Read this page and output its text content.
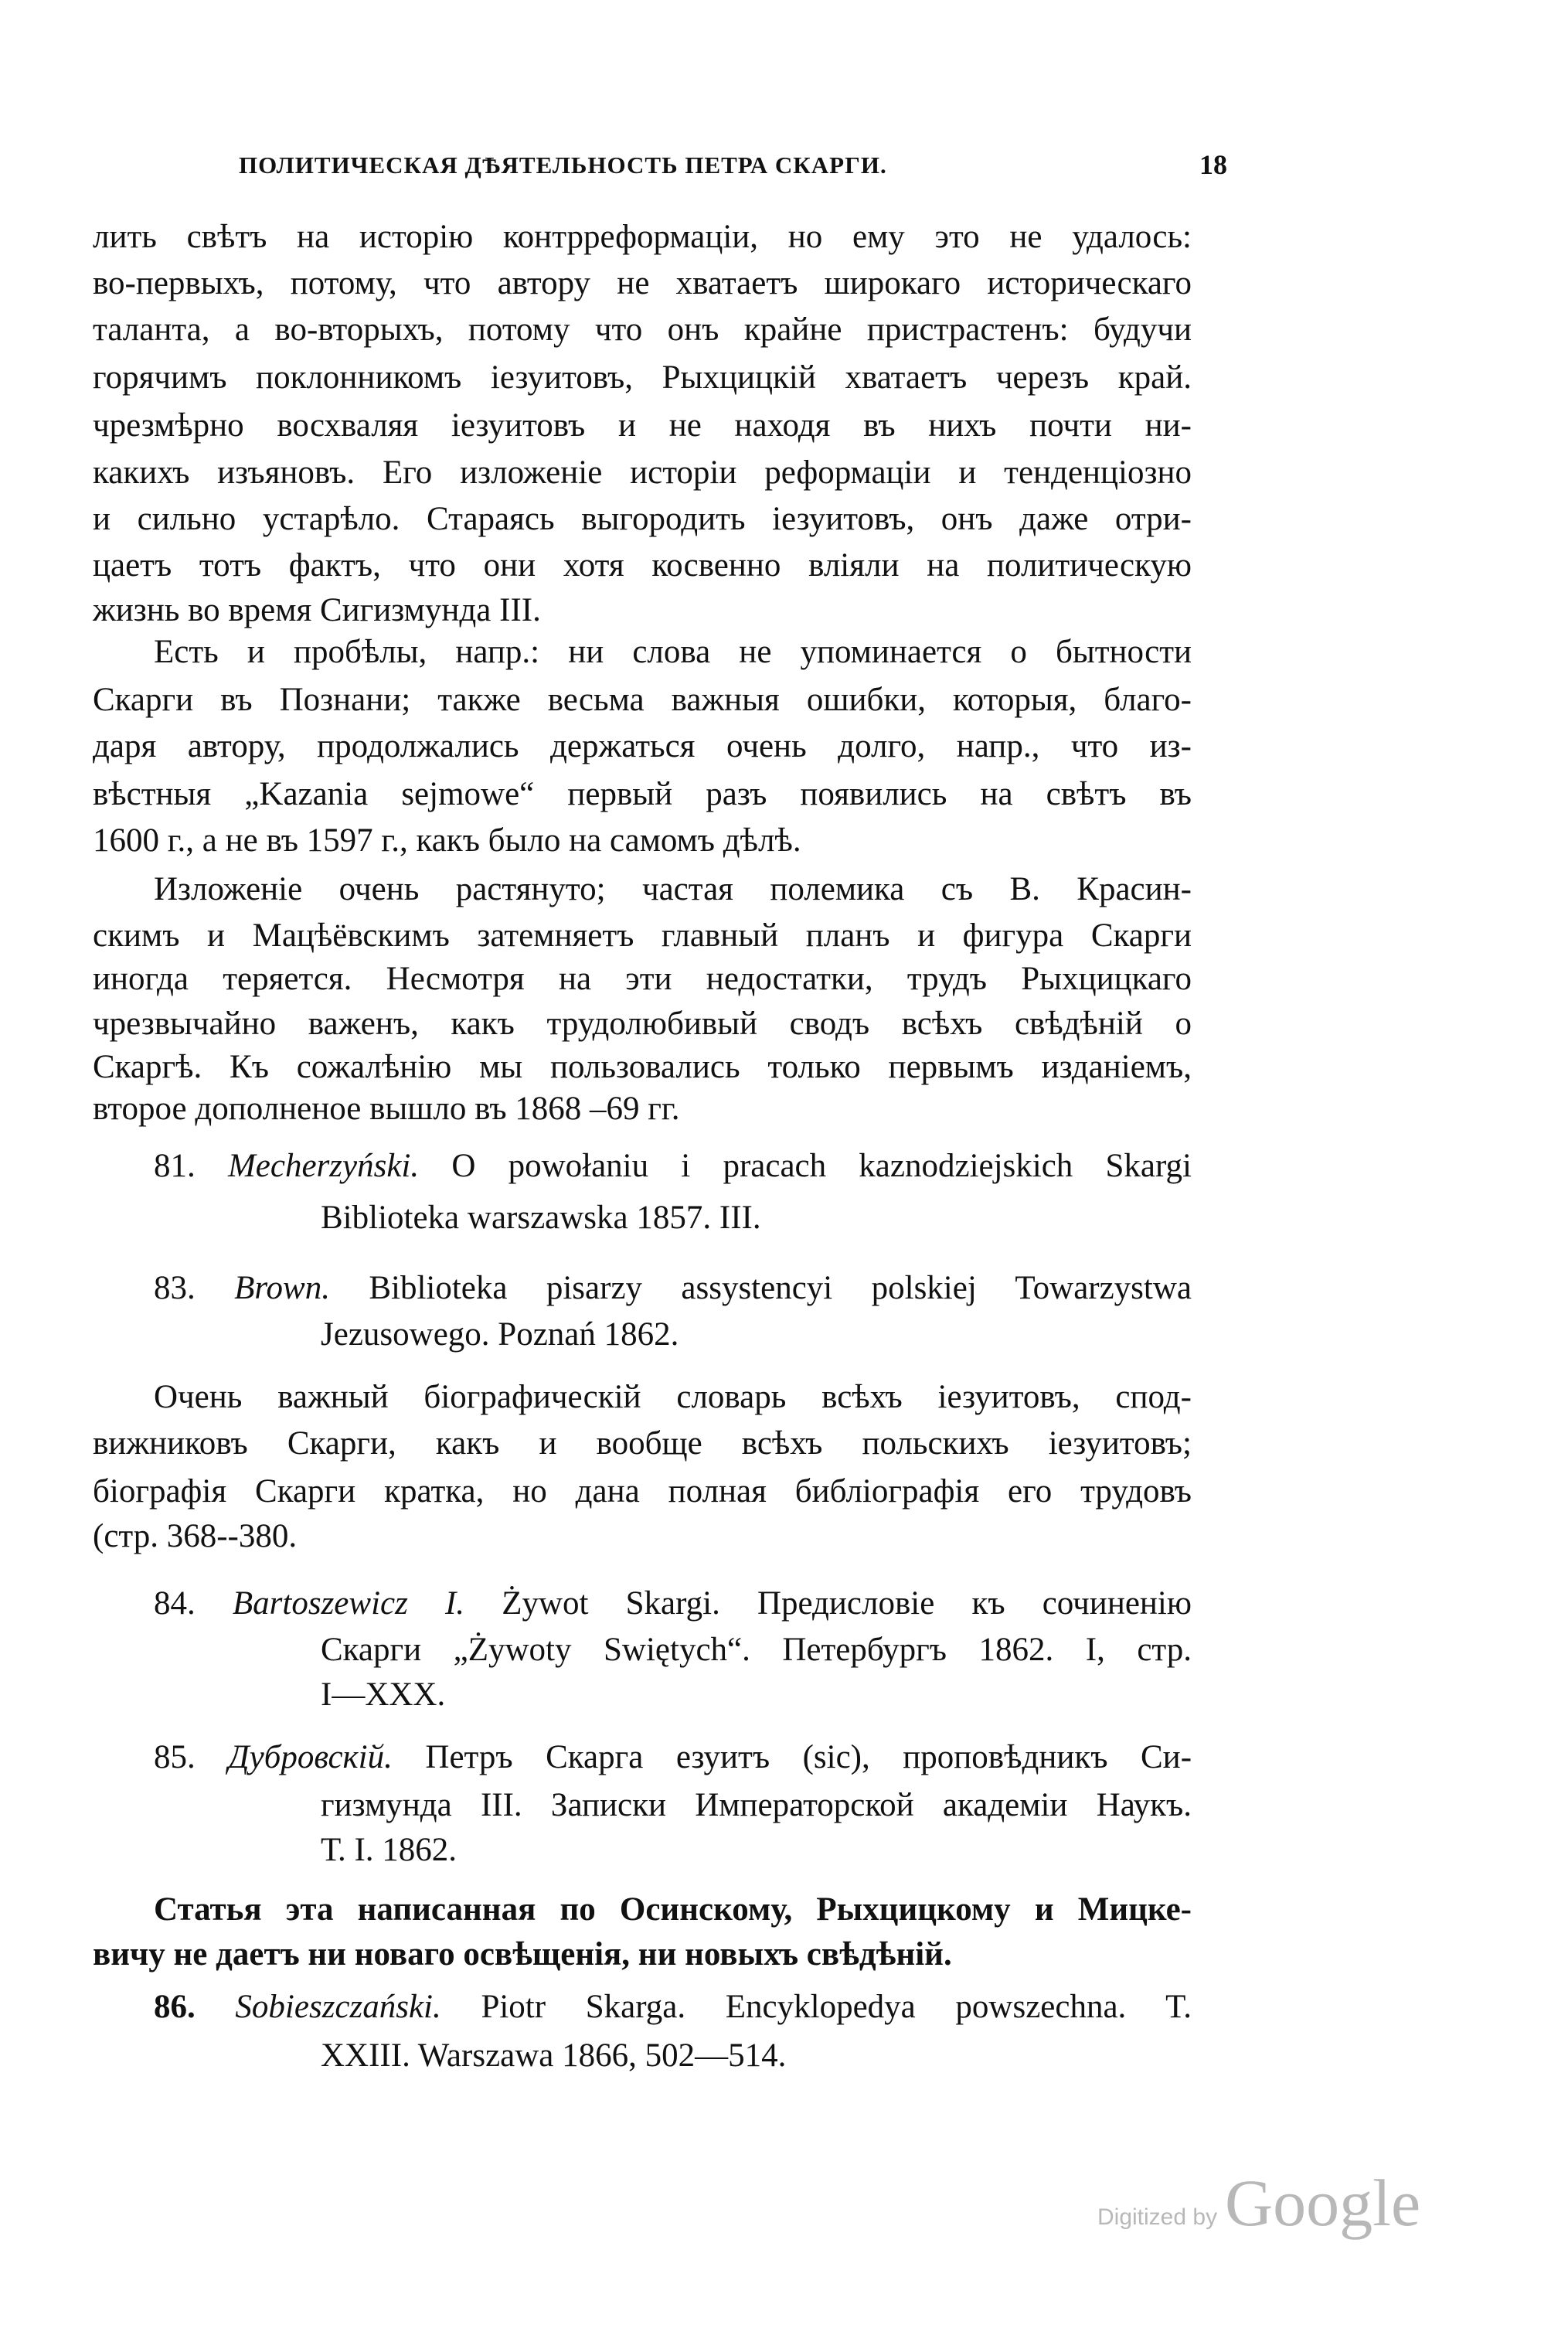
ПОЛИТИЧЕСКАЯ ДѢЯТЕЛЬНОСТЬ ПЕТРА СКАРГИ.	18
лить свѣтъ на исторію контрреформаціи, но ему это не удалось:
во-первыхъ, потому, что автору не хватаетъ широкаго историческаго
таланта, а во-вторыхъ, потому что онъ крайне пристрастенъ: будучи
горячимъ поклонникомъ іезуитовъ, Рыхцицкій хватаетъ черезъ край.
чрезмѣрно восхваляя іезуитовъ и не находя въ нихъ почти ни-
какихъ изъяновъ. Его изложеніе исторіи реформаціи и тенденціозно
и сильно устарѣло. Стараясь выгородить іезуитовъ, онъ даже отри-
цаетъ тотъ фактъ, что они хотя косвенно вліяли на политическую
жизнь во время Сигизмунда III.
Есть и пробѣлы, напр.: ни слова не упоминается о бытности
Скарги въ Познани; также весьма важныя ошибки, которыя, благо-
даря автору, продолжались держаться очень долго, напр., что из-
вѣстныя „Kazania sejmowe“ первый разъ появились на свѣтъ въ
1600 г., а не въ 1597 г., какъ было на самомъ дѣлѣ.
Изложеніе очень растянуто; частая полемика съ В. Красин-
скимъ и Мацѣёвскимъ затемняетъ главный планъ и фигура Скарги
иногда теряется. Несмотря на эти недостатки, трудъ Рыхцицкаго
чрезвычайно важенъ, какъ трудолюбивый сводъ всѣхъ свѣдѣній о
Скаргѣ. Къ сожалѣнію мы пользовались только первымъ изданіемъ,
второе дополненое вышло въ 1868 –69 гг.
81. Mecherzyński. O powołaniu i pracach kaznodziejskich Skargi
Biblioteka warszawska 1857. III.
83. Brown. Biblioteka pisarzy assystencyi polskiej Towarzystwa
Jezusowego. Poznań 1862.
Очень важный біографическій словарь всѣхъ іезуитовъ, спод-
вижниковъ Скарги, какъ и вообще всѣхъ польскихъ іезуитовъ;
біографія Скарги кратка, но дана полная библіографія его трудовъ
(стр. 368--380.
84. Bartoszewicz I. Żywot Skargi. Предисловіе къ сочиненію
Скарги „Żywoty Swiętych“. Петербургъ 1862. I, стр.
I—XXX.
85. Дубровскій. Петръ Скарга езуитъ (sic), проповѣдникъ Си-
гизмунда III. Записки Императорской академіи Наукъ.
Т. I. 1862.
Статья эта написанная по Осинскому, Рыхцицкому и Мицке-
вичу не даетъ ни новаго освѣщенія, ни новыхъ свѣдѣній.
86. Sobieszczański. Piotr Skarga. Encyklopedya powszechna. T.
XXIII. Warszawa 1866, 502—514.
Digitized by Google
